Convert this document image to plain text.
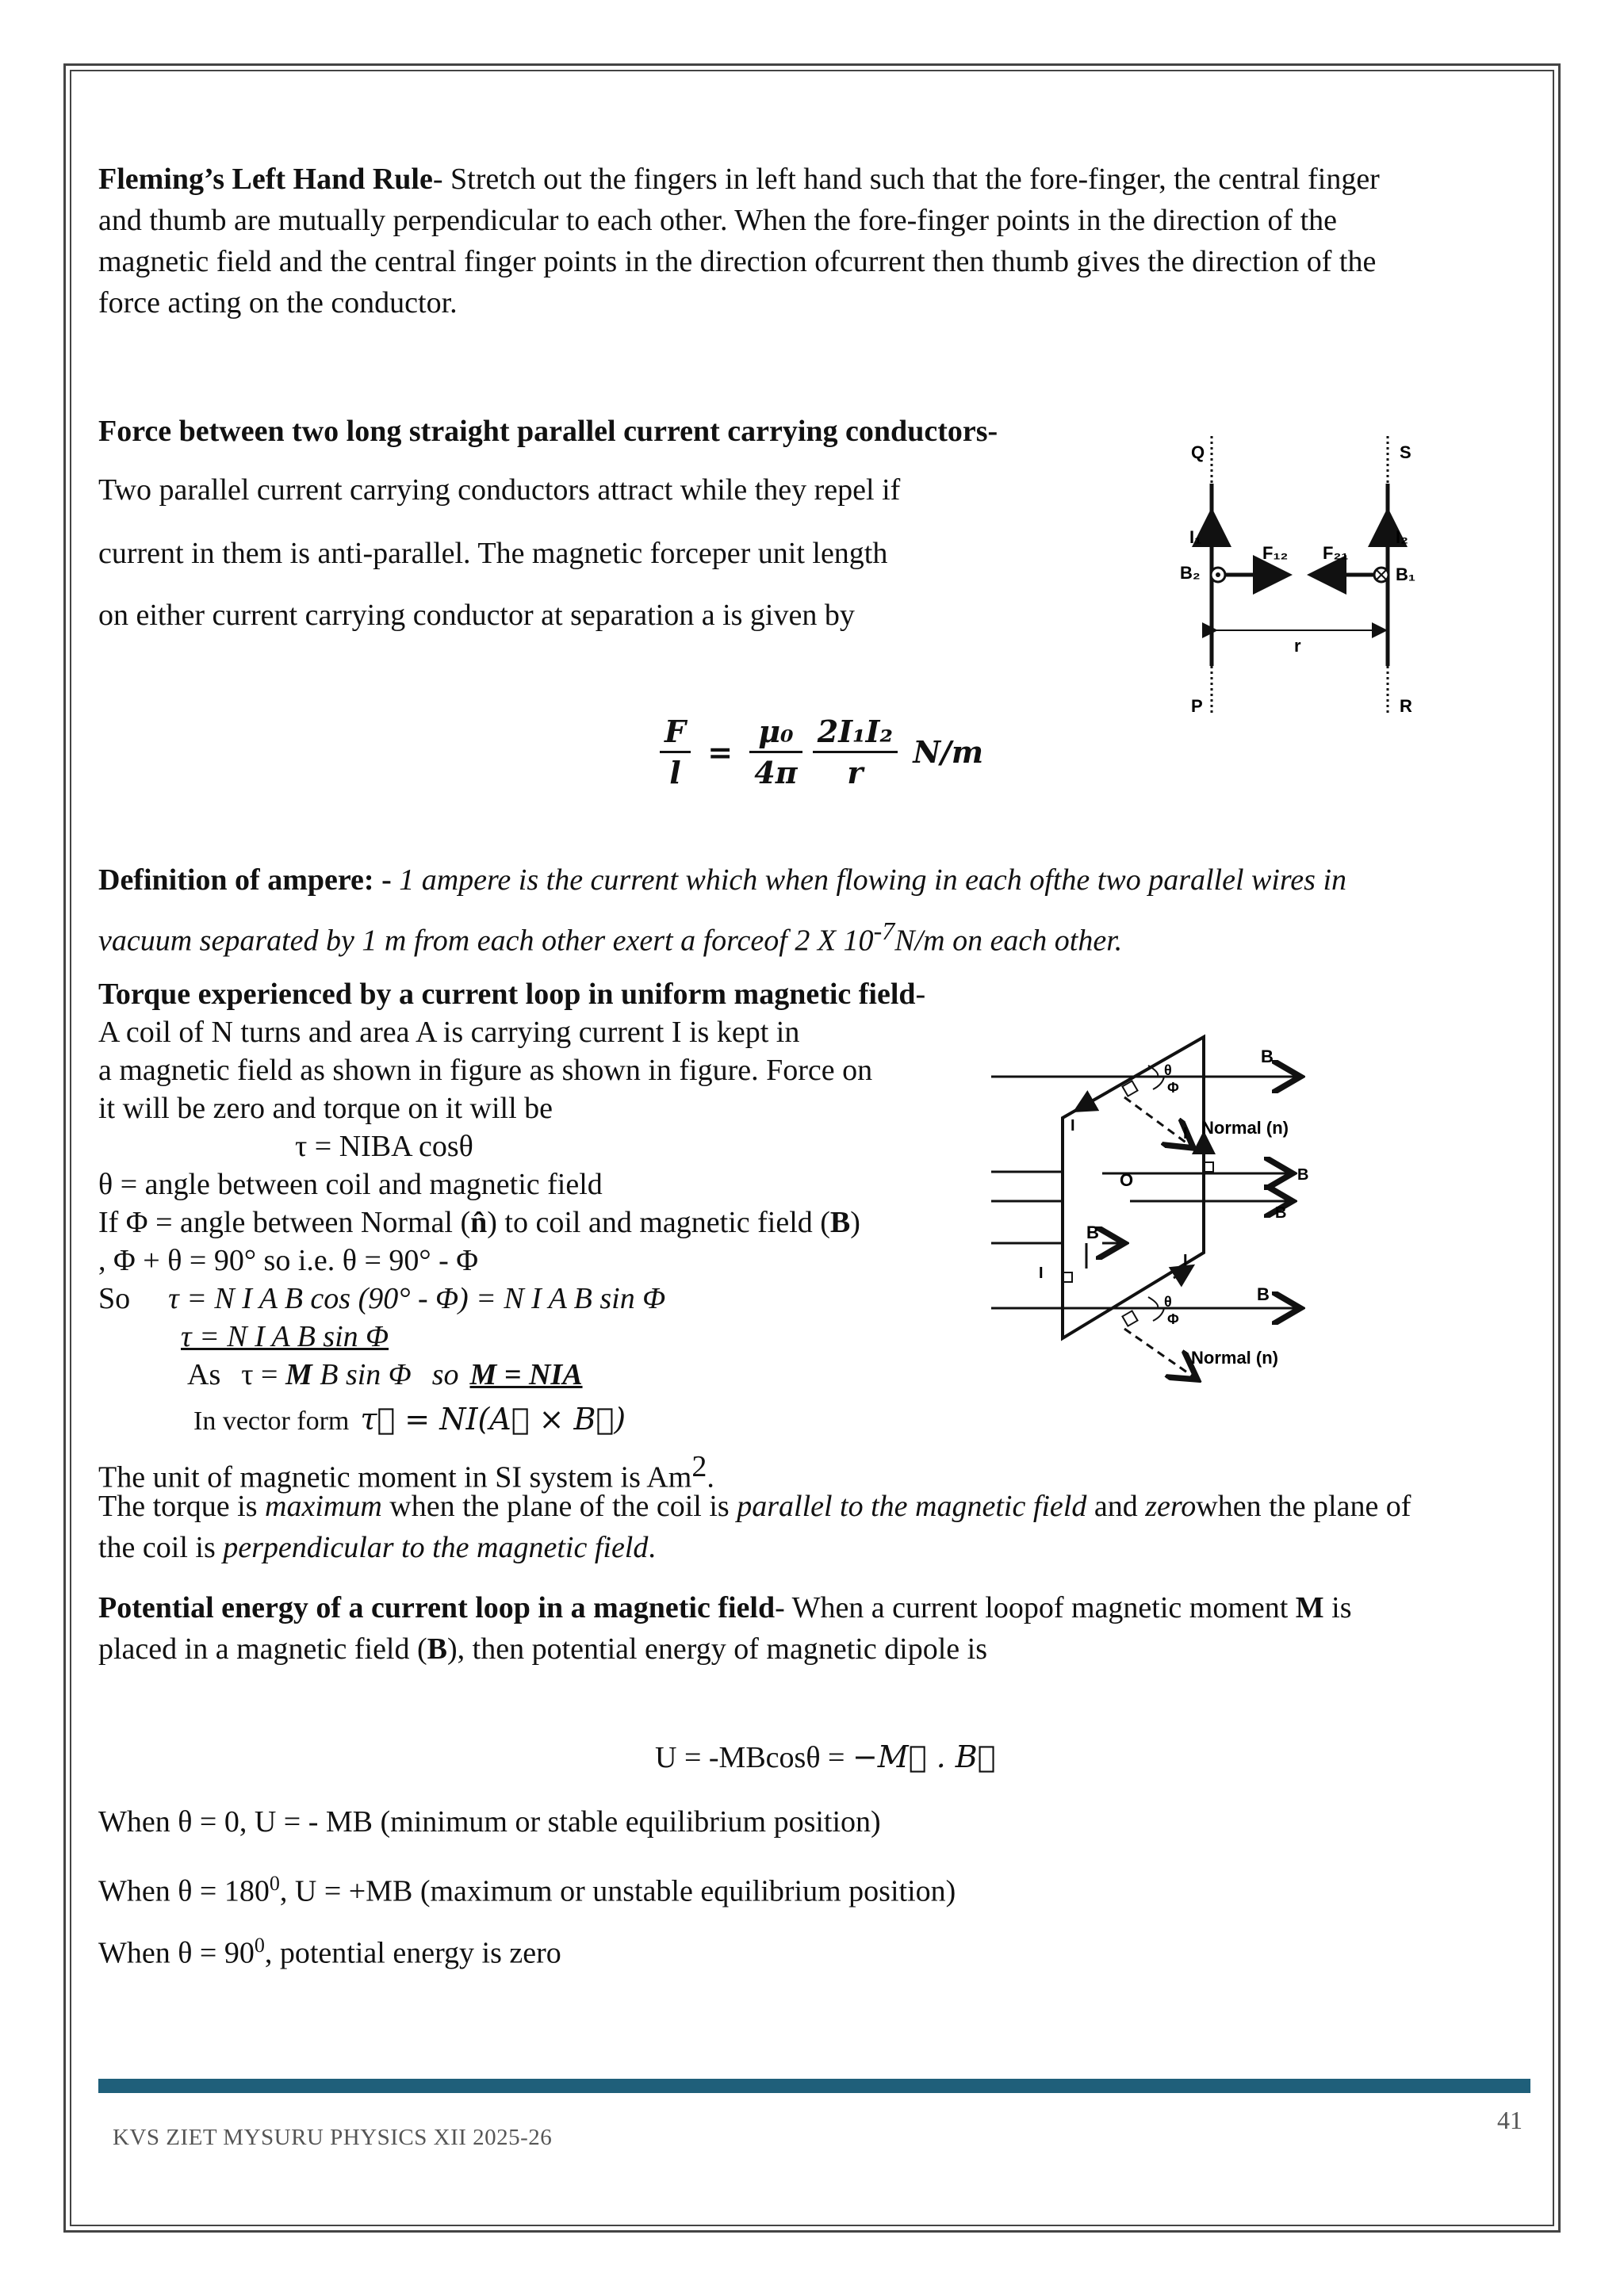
Fleming’s Left Hand Rule- Stretch out the fingers in left hand such that the fore-finger, the central finger
and thumb are mutually perpendicular to each other. When the fore-finger points in the direction of the
magnetic field and the central finger points in the direction ofcurrent then thumb gives the direction of the
force acting on the conductor.
Force between two long straight parallel current carrying conductors-
Two parallel current carrying conductors attract while they repel if
current in them is anti-parallel. The magnetic forceper unit length
on either current carrying conductor at separation a is given by
Q	S
P	R
I₁	I₂
B₂	B₁
F₁₂ F₂₁
r
$\frac{F}{l} = \frac{\text{μ₀}}{4\pi}$
$\frac{\text{2I₁I₂}}{r} N/m$
Definition of ampere: - 1 ampere is the current which when flowing in each ofthe two parallel wires in
vacuum separated by 1 m from each other exert a forceof 2 X $10^{-7}N/m$ on each other.
Torque experienced by a current loop in uniform magnetic field-
A coil of N turns and area A is carrying current I is kept in
a magnetic field as shown in figure as shown in figure. Force on
it will be zero and torque on it will be
τ = NIBA cosθ
θ = angle between coil and magnetic field
If Φ = angle between Normal (n̂) to coil and magnetic field (B)
, Φ + θ = 90° so i.e. θ = 90° - Φ
So τ = N I A B cos (90° - Φ) = N I A B sin Φ
τ = N I A B sin Φ
As τ = M B sin Φ so M = NIA
In vector form τ⃗ = NI(A⃗ × B⃗)
The unit of magnetic moment in SI system is Am$^2$.
The torque is maximum when the plane of the coil is parallel to the magnetic field and zerowhen the plane of
the coil is perpendicular to the magnetic field.
B
θ
Φ
I	Normal (n)
I
O	B
B
B
I
I
B
θ
Φ
Normal (n)
Potential energy of a current loop in a magnetic field- When a current loopof magnetic moment M is
placed in a magnetic field (B), then potential energy of magnetic dipole is
U = -MBcosθ = −M⃗ . B⃗
When θ = 0, U = - MB (minimum or stable equilibrium position)
When $\theta = 180^0$, U = +MB (maximum or unstable equilibrium position)
When $\theta = 90^0$, potential energy is zero
KVS ZIET MYSURU PHYSICS XII 2025-26
41
